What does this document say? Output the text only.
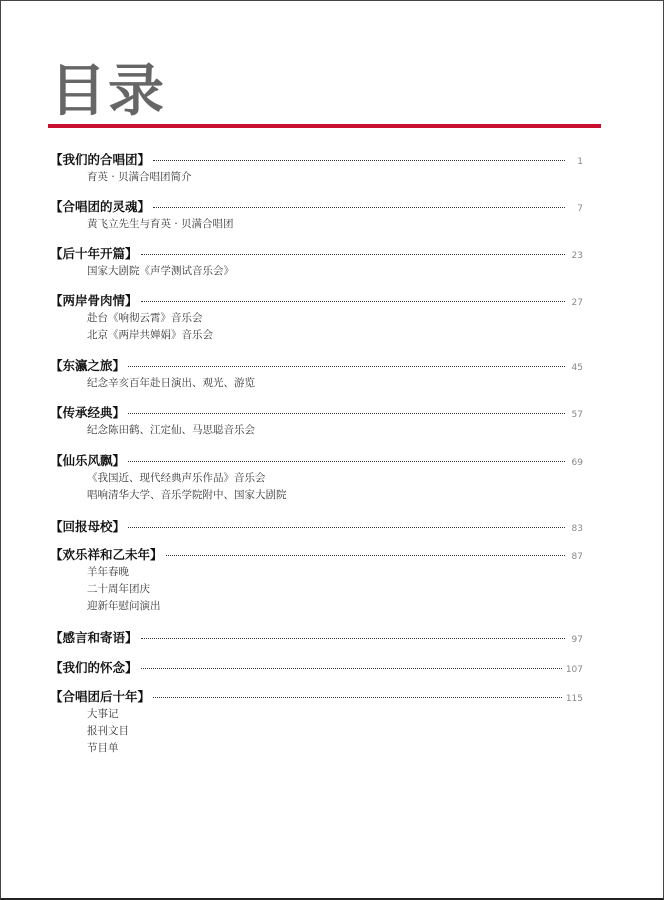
目录
【我们的合唱团】	1
育英 · 贝满合唱团简介
【合唱团的灵魂】	7
黄飞立先生与育英 · 贝满合唱团
【后十年开篇】	23
国家大剧院《声学测试音乐会》
【两岸骨肉情】	27
赴台《响彻云霄》音乐会
北京《两岸共婵娟》音乐会
【东瀛之旅】	45
纪念辛亥百年赴日演出、观光、游览
【传承经典】	57
纪念陈田鹤、江定仙、马思聪音乐会
【仙乐风飘】	69
《我国近、现代经典声乐作品》音乐会
唱响清华大学、音乐学院附中、国家大剧院
【回报母校】	83
【欢乐祥和乙未年】	87
羊年春晚
二十周年团庆
迎新年慰问演出
【感言和寄语】	97
【我们的怀念】	107
【合唱团后十年】	115
大事记
报刊文目
节目单
